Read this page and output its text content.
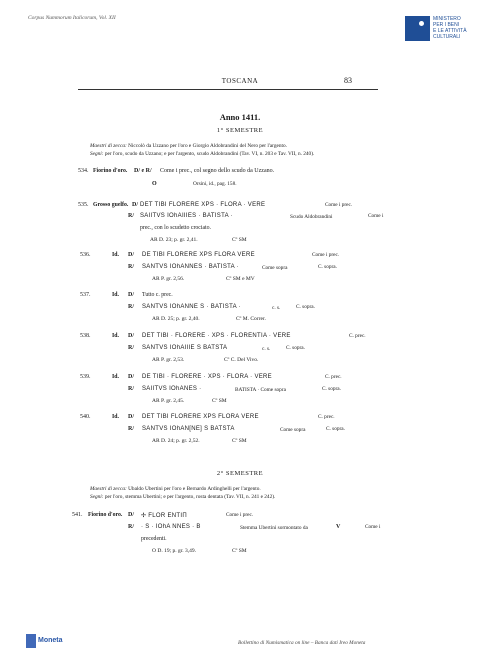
Corpus Nummorum Italicorum, Vol. XII	MINISTERO
PER I BENI
E LE ATTIVITÀ
CULTURALI
TOSCANA	83
Anno 1411.
1° SEMESTRE
Maestri di zecca: Niccolò da Uzzano per l'oro e Giorgio Aldobrandini del Nero per l'argento.
Segni: per l'oro, scudo da Uzzano; e per l'argento, scudo Aldobrandini (Tav. VI, n. 203 e Tav. VII, n. 240).
534. Fiorino d'oro. D/ e R/ Come i prec., col segno dello scudo da Uzzano.
O	Orsini, id., pag. 158.
535. Grosso guelfo. D/ DET TIBI FLORERE XPS · FLORA · VERE	Come i prec.
R/ SAIITVS IOhAIIIES · BATISTA ·	Scudo Aldobrandini	Come i
prec., con lo scudetto crociato.
AR D. 23; p. gr. 2,41.	Cº SM
536.	Id. D/ DE TIBI FLORERE XPS FLORA VERE	Come i prec.
R/ SANTVS IOhANNES · BATISTA ·	Come sopra	C. sopra.
AR P. gr. 2,56.	Cº SM e MV
537.	Id. D/ Tutto c. prec.
R/ SANTVS IOhANNE S · BATISTA ·	c. s.	C. sopra.
AR D. 25; p. gr. 2,40.	Cº M. Correr.
538.	Id. D/ DET TIBI · FLORERE · XPS · FLORENTIA · VERE	C. prec.
R/ SANTVS IOhAIIIE S BATSTA	c. s.	C. sopra.
AR P. gr. 2,53.	Cº C. Del Vivo.
539.	Id. D/ DE TIBI · FLORERE · XPS · FLORA · VERE	C. prec.
R/ SAIITVS IOhANES ·	BATISTA · Come sopra	C. sopra.
AR P. gr. 2,45.	Cº SM
540.	Id. D/ DET TIBI FLORERE XPS FLORA VERE	C. prec.
R/ SANTVS IOhAN[NE] S BATSTA	Come sopra	C. sopra.
AR D. 24; p. gr. 2,52.	Cº SM
2° SEMESTRE
Maestri di zecca: Ubaldo Ubertini per l'oro e Bernardo Ardinghelli per l'argento.
Segni: per l'oro, stemma Ubertini; e per l'argento, rosta dentata (Tav. VII, n. 241 e 242).
541. Fiorino d'oro. D/ ✢ FLOR ENTIΠ	Come i prec.
R/ · S · IOhA NNES · B	Stemma Ubertini sormontato da	V	Come i
precedenti.
O D. 19; p. gr. 3,49.	Cº SM
Moneta	Bollettino di Numismatica on line – Banca dati Ireo Moneta
